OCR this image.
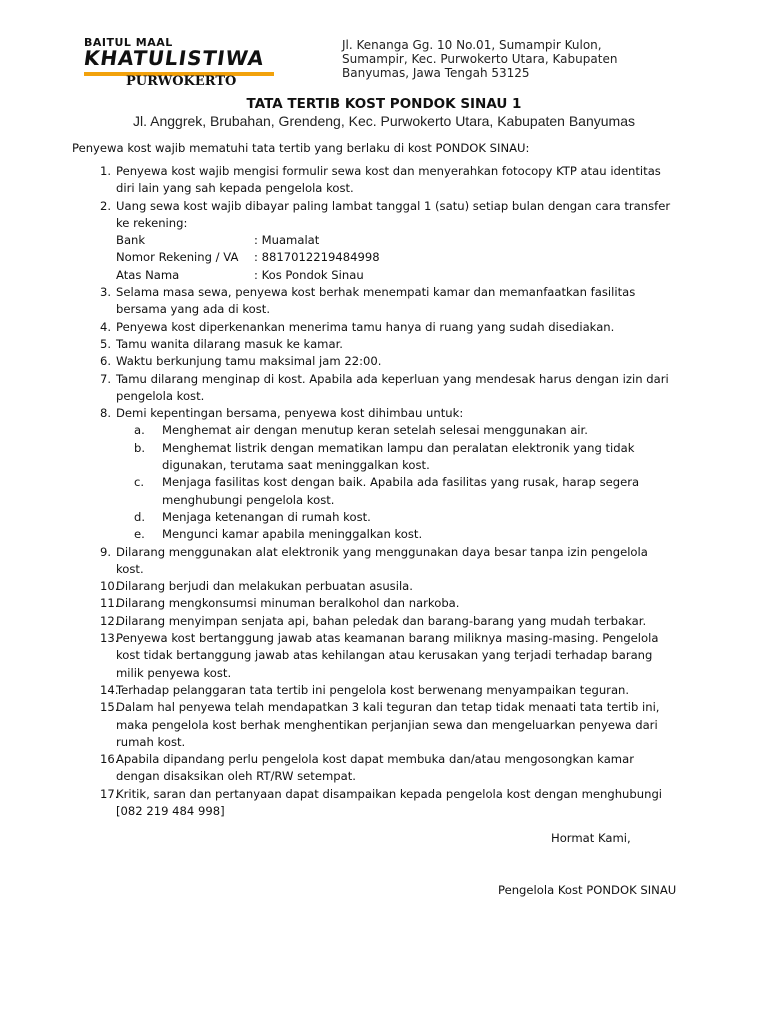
BAITUL MAAL
KHATULISTIWA
PURWOKERTO
Jl. Kenanga Gg. 10 No.01, Sumampir Kulon,
Sumampir, Kec. Purwokerto Utara, Kabupaten
Banyumas, Jawa Tengah 53125
TATA TERTIB KOST PONDOK SINAU 1
Jl. Anggrek, Brubahan, Grendeng, Kec. Purwokerto Utara, Kabupaten Banyumas
Penyewa kost wajib mematuhi tata tertib yang berlaku di kost PONDOK SINAU:
1. Penyewa kost wajib mengisi formulir sewa kost dan menyerahkan fotocopy KTP atau identitas
diri lain yang sah kepada pengelola kost.
2. Uang sewa kost wajib dibayar paling lambat tanggal 1 (satu) setiap bulan dengan cara transfer
ke rekening:
Bank	: Muamalat
Nomor Rekening / VA	: 8817012219484998
Atas Nama	: Kos Pondok Sinau
3. Selama masa sewa, penyewa kost berhak menempati kamar dan memanfaatkan fasilitas
bersama yang ada di kost.
4. Penyewa kost diperkenankan menerima tamu hanya di ruang yang sudah disediakan.
5. Tamu wanita dilarang masuk ke kamar.
6. Waktu berkunjung tamu maksimal jam 22:00.
7. Tamu dilarang menginap di kost. Apabila ada keperluan yang mendesak harus dengan izin dari
pengelola kost.
8. Demi kepentingan bersama, penyewa kost dihimbau untuk:
a.	Menghemat air dengan menutup keran setelah selesai menggunakan air.
b.	Menghemat listrik dengan mematikan lampu dan peralatan elektronik yang tidak
digunakan, terutama saat meninggalkan kost.
c.	Menjaga fasilitas kost dengan baik. Apabila ada fasilitas yang rusak, harap segera
menghubungi pengelola kost.
d.	Menjaga ketenangan di rumah kost.
e.	Mengunci kamar apabila meninggalkan kost.
9. Dilarang menggunakan alat elektronik yang menggunakan daya besar tanpa izin pengelola
kost.
10.
Dilarang berjudi dan melakukan perbuatan asusila.
11.
Dilarang mengkonsumsi minuman beralkohol dan narkoba.
12.
Dilarang menyimpan senjata api, bahan peledak dan barang-barang yang mudah terbakar.
13.
Penyewa kost bertanggung jawab atas keamanan barang miliknya masing-masing. Pengelola
kost tidak bertanggung jawab atas kehilangan atau kerusakan yang terjadi terhadap barang
milik penyewa kost.
14.
Terhadap pelanggaran tata tertib ini pengelola kost berwenang menyampaikan teguran.
15.
Dalam hal penyewa telah mendapatkan 3 kali teguran dan tetap tidak menaati tata tertib ini,
maka pengelola kost berhak menghentikan perjanjian sewa dan mengeluarkan penyewa dari
rumah kost.
16.
Apabila dipandang perlu pengelola kost dapat membuka dan/atau mengosongkan kamar
dengan disaksikan oleh RT/RW setempat.
17.
Kritik, saran dan pertanyaan dapat disampaikan kepada pengelola kost dengan menghubungi
[082 219 484 998]
Hormat Kami,
Pengelola Kost PONDOK SINAU
